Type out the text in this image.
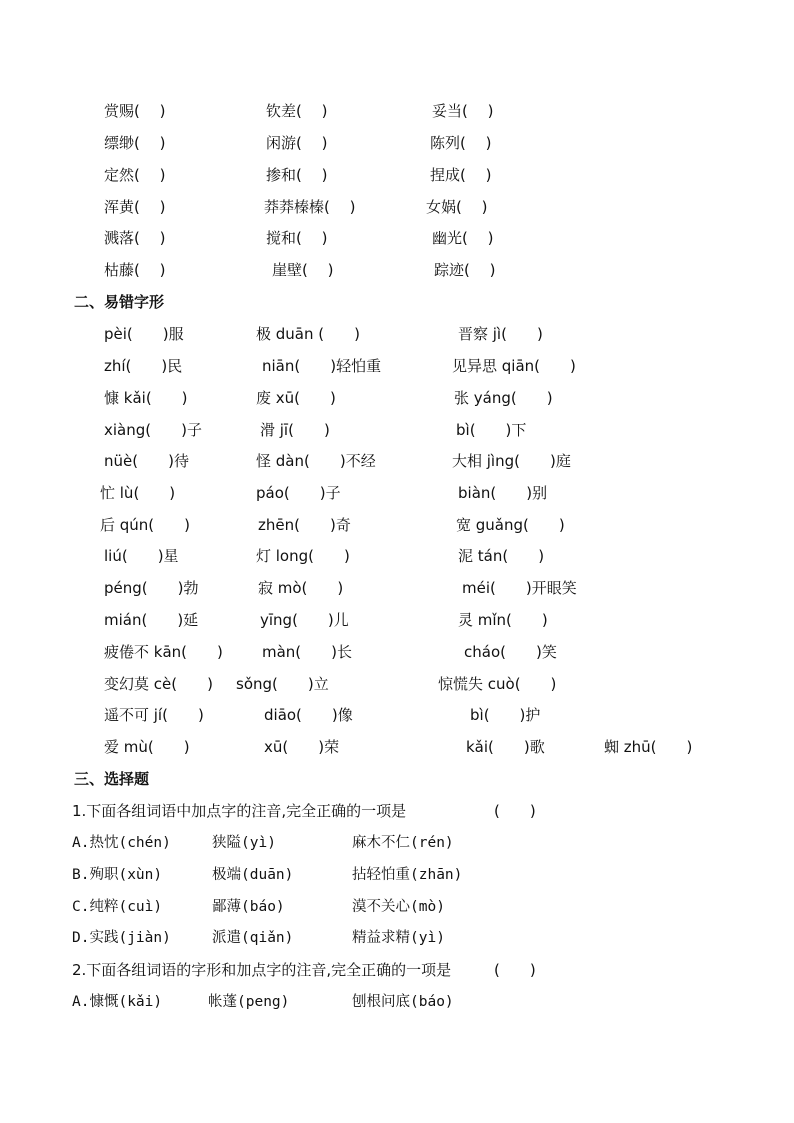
赏赐(　 )	钦差(　 )	妥当(　 )
缥缈(　 )	闲游(　 )	陈列(　 )
定然(　 )	掺和(　 )	捏成(　 )
浑黄(　 )	莽莽榛榛(　 )	女娲(　 )
溅落(　 )	搅和(　 )	幽光(　 )
枯藤(　 )	崖壁(　 )	踪迹(　 )
二、易错字形
pèi(　　)服	极 duān (　　)	晋察 jì(　　)
zhí(　　)民	niān(　　)轻怕重	见异思 qiān(　　)
慷 kǎi(　　)	废 xū(　　)	张 yáng(　　)
xiàng(　　)子	滑 jī(　　)	bì(　　)下
nüè(　　)待	怪 dàn(　　)不经	大相 jìng(　　)庭
忙 lù(　　)	páo(　　)子	biàn(　　)别
后 qún(　　)	zhēn(　　)奇	宽 guǎng(　　)
liú(　　)星	灯 long(　　)	泥 tán(　　)
péng(　　)勃	寂 mò(　　)	méi(　　)开眼笑
mián(　　)延	yīng(　　)儿	灵 mǐn(　　)
疲倦不 kān(　　)	màn(　　)长	cháo(　　)笑
变幻莫 cè(　　) sǒng(　　)立	惊慌失 cuò(　　)
遥不可 jí(　　)	diāo(　　)像	bì(　　)护
爱 mù(　　)	xū(　　)荣	kǎi(　　)歌	蜘 zhū(　　)
三、选择题
1.下面各组词语中加点字的注音,完全正确的一项是	(　　)
A.热忱(chén)	狭隘(yì)	麻木不仁(rén)
B.殉职(xùn)	极端(duān)	拈轻怕重(zhān)
C.纯粹(cuì)	鄙薄(báo)	漠不关心(mò)
D.实践(jiàn)	派遣(qiǎn)	精益求精(yì)
2.下面各组词语的字形和加点字的注音,完全正确的一项是	(　　)
A.慷慨(kǎi)	帐蓬(peng)	刨根问底(báo)
